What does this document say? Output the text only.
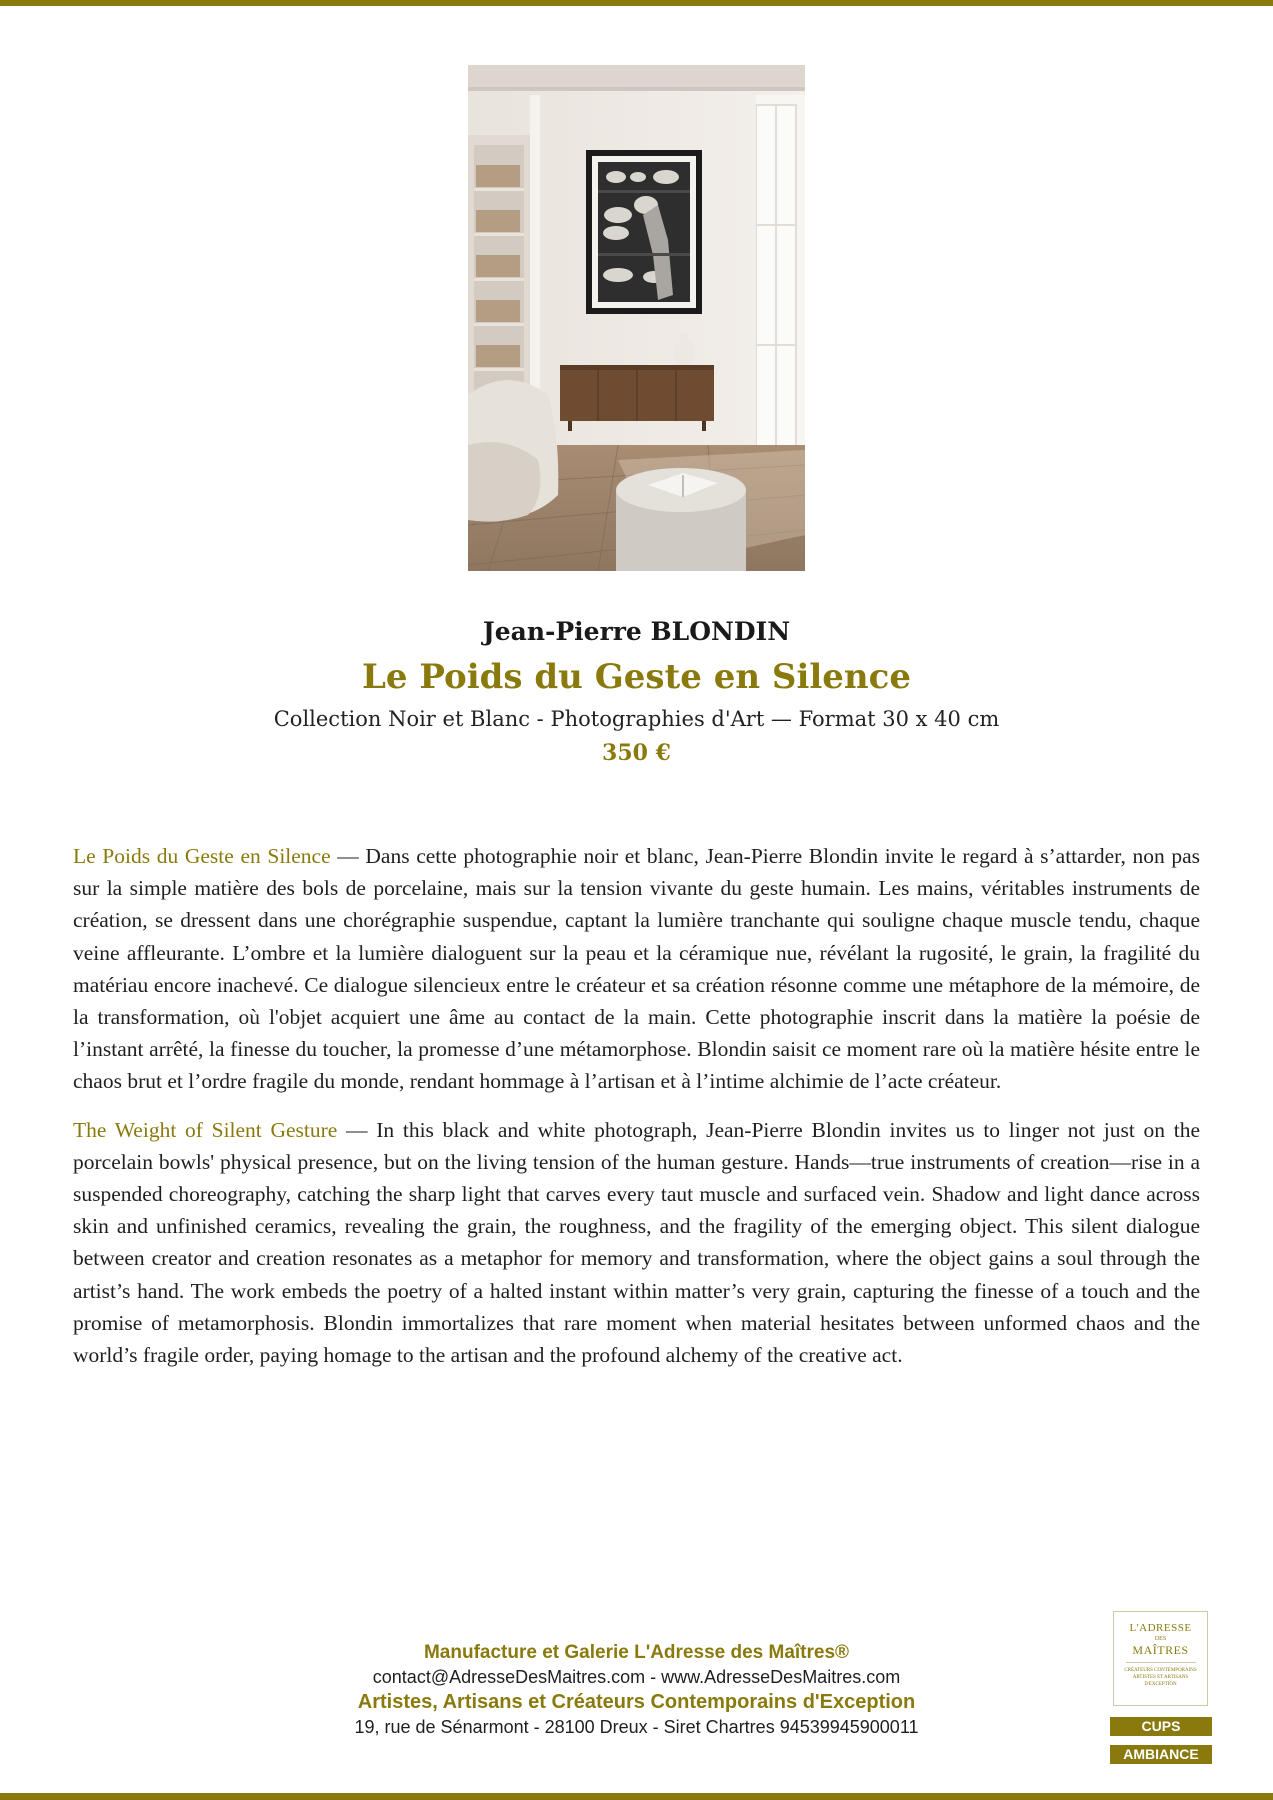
Jean-Pierre BLONDIN
Le Poids du Geste en Silence
Collection Noir et Blanc - Photographies d'Art — Format 30 x 40 cm
350 €

Le Poids du Geste en Silence — Dans cette photographie noir et blanc, Jean-Pierre Blondin invite le regard à s’attarder, non pas sur la simple matière des bols de porcelaine, mais sur la tension vivante du geste humain. Les mains, véritables instruments de création, se dressent dans une chorégraphie suspendue, captant la lumière tranchante qui souligne chaque muscle tendu, chaque veine affleurante. L’ombre et la lumière dialoguent sur la peau et la céramique nue, révélant la rugosité, le grain, la fragilité du matériau encore inachevé. Ce dialogue silencieux entre le créateur et sa création résonne comme une métaphore de la mémoire, de la transformation, où l'objet acquiert une âme au contact de la main. Cette photographie inscrit dans la matière la poésie de l’instant arrêté, la finesse du toucher, la promesse d’une métamorphose. Blondin saisit ce moment rare où la matière hésite entre le chaos brut et l’ordre fragile du monde, rendant hommage à l’artisan et à l’intime alchimie de l’acte créateur.

The Weight of Silent Gesture — In this black and white photograph, Jean-Pierre Blondin invites us to linger not just on the porcelain bowls' physical presence, but on the living tension of the human gesture. Hands—true instruments of creation—rise in a suspended choreography, catching the sharp light that carves every taut muscle and surfaced vein. Shadow and light dance across skin and unfinished ceramics, revealing the grain, the roughness, and the fragility of the emerging object. This silent dialogue between creator and creation resonates as a metaphor for memory and transformation, where the object gains a soul through the artist’s hand. The work embeds the poetry of a halted instant within matter’s very grain, capturing the finesse of a touch and the promise of metamorphosis. Blondin immortalizes that rare moment when material hesitates between unformed chaos and the world’s fragile order, paying homage to the artisan and the profound alchemy of the creative act.

Manufacture et Galerie L'Adresse des Maîtres®
contact@AdresseDesMaitres.com - www.AdresseDesMaitres.com
Artistes, Artisans et Créateurs Contemporains d'Exception
19, rue de Sénarmont - 28100 Dreux - Siret Chartres 94539945900011
L'ADRESSE
DES
MAÎTRES
CRÉATEURS CONTEMPORAINS ARTISTES ET ARTISANS D'EXCEPTION
CUPS
AMBIANCE
